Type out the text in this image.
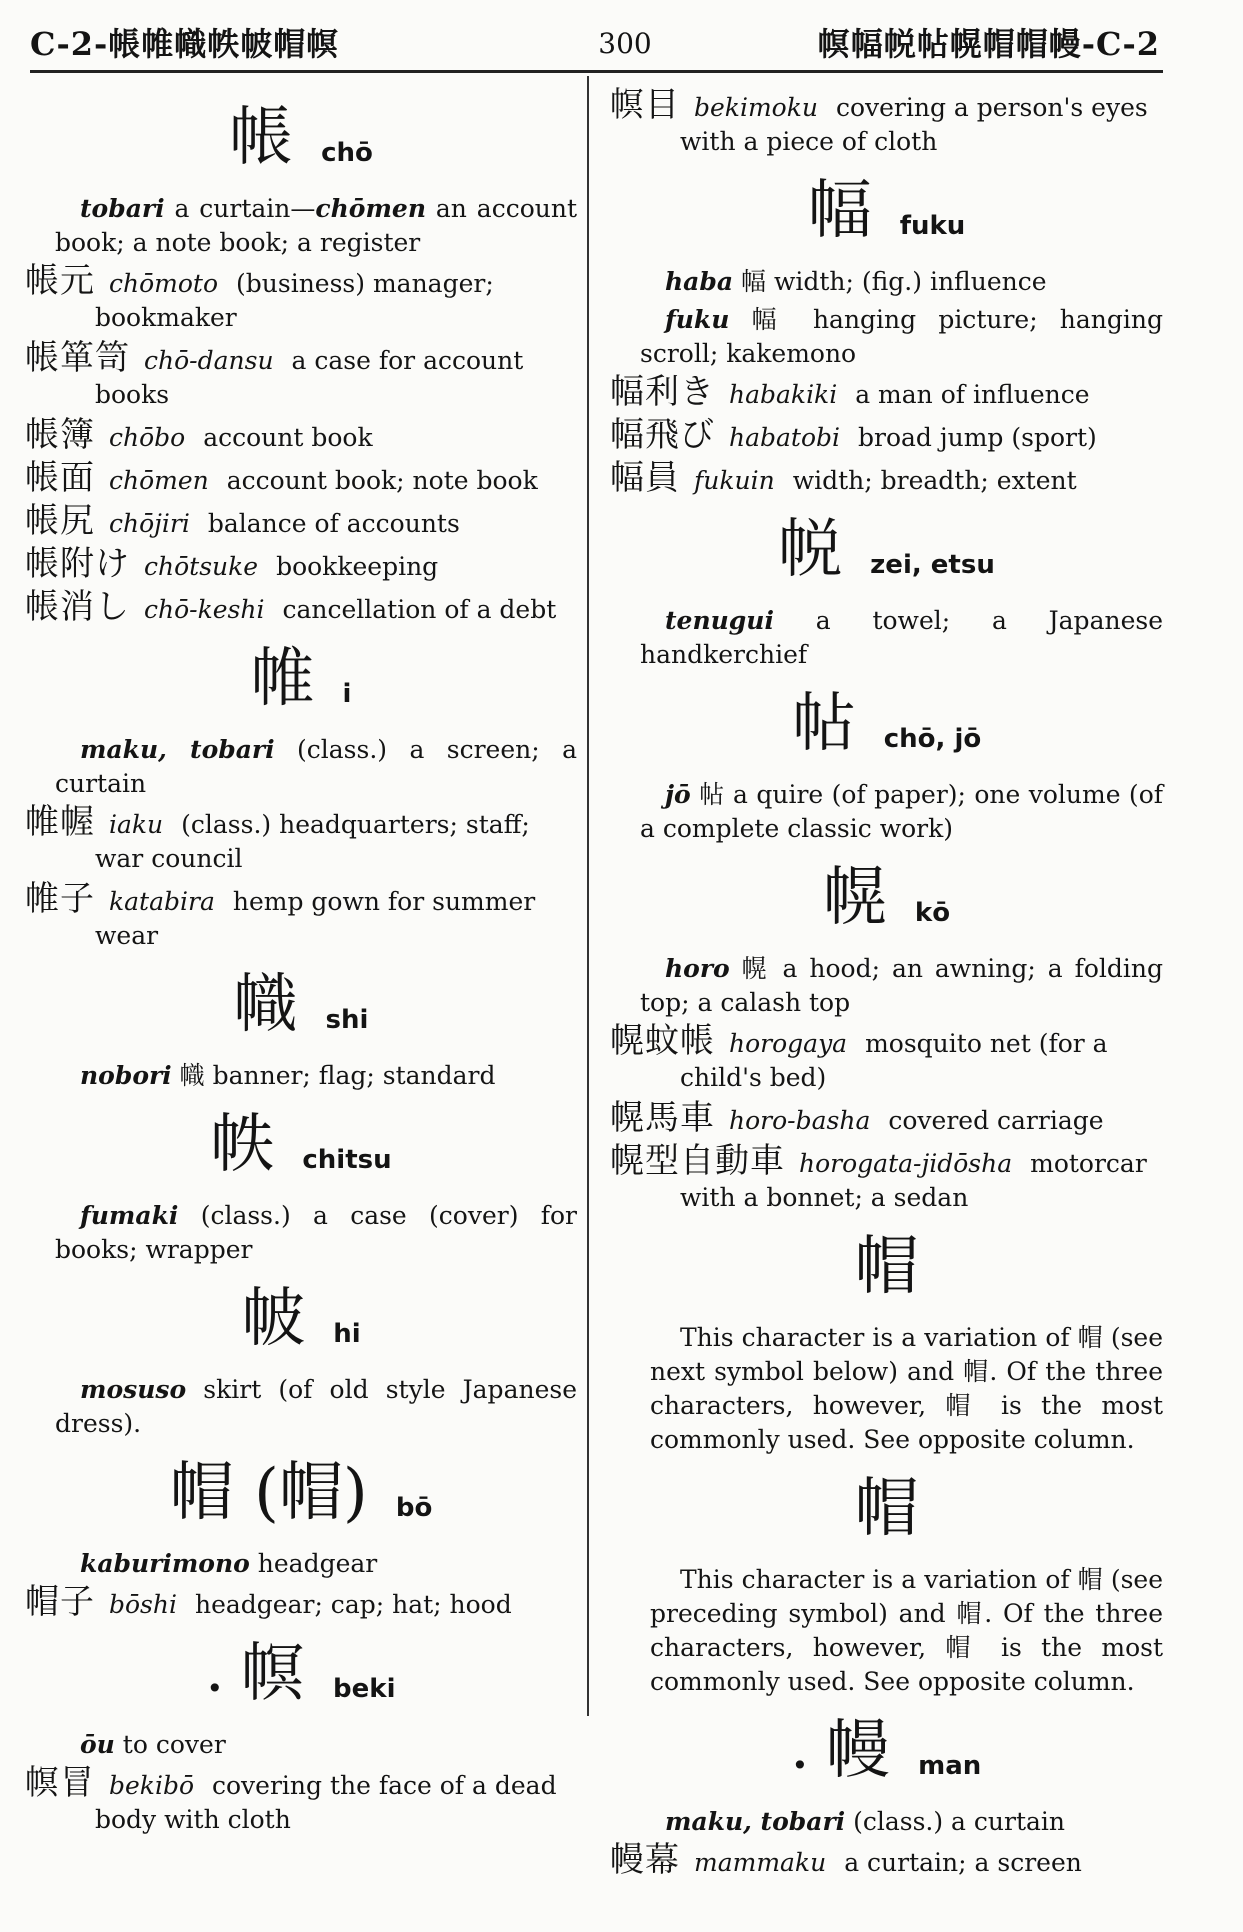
C-2-帳帷幟帙帔帽幎	300	幎幅帨帖幌帽帽幔-C-2
帳 chō
tobari a curtain—chōmen an account book; a note book; a register
帳元 chōmoto (business) manager; bookmaker
帳箪笥 chō-dansu a case for account books
帳簿 chōbo account book
帳面 chōmen account book; note book
帳尻 chōjiri balance of accounts
帳附け chōtsuke bookkeeping
帳消し chō-keshi cancellation of a debt
帷 i
maku, tobari (class.) a screen; a curtain
帷幄 iaku (class.) headquarters; staff; war council
帷子 katabira hemp gown for summer wear
幟 shi
nobori 幟 banner; flag; standard
帙 chitsu
fumaki (class.) a case (cover) for books; wrapper
帔 hi
mosuso skirt (of old style Japanese dress).
帽 (帽) bō
kaburimono headgear
帽子 bōshi headgear; cap; hat; hood
• 幎 beki
ōu to cover
幎冒 bekibō covering the face of a dead body with cloth
幎目 bekimoku covering a person's eyes with a piece of cloth
幅 fuku
haba 幅 width; (fig.) influence
fuku 幅 hanging picture; hanging scroll; kakemono
幅利き habakiki a man of influence
幅飛び habatobi broad jump (sport)
幅員 fukuin width; breadth; extent
帨 zei, etsu
tenugui a towel; a Japanese handkerchief
帖 chō, jō
jō 帖 a quire (of paper); one volume (of a complete classic work)
幌 kō
horo 幌 a hood; an awning; a folding top; a calash top
幌蚊帳 horogaya mosquito net (for a child's bed)
幌馬車 horo-basha covered carriage
幌型自動車 horogata-jidōsha motorcar with a bonnet; a sedan
帽
This character is a variation of 帽 (see next symbol below) and 帽. Of the three characters, however, 帽 is the most commonly used. See opposite column.
帽
This character is a variation of 帽 (see preceding symbol) and 帽. Of the three characters, however, 帽 is the most commonly used. See opposite column.
• 幔 man
maku, tobari (class.) a curtain
幔幕 mammaku a curtain; a screen
